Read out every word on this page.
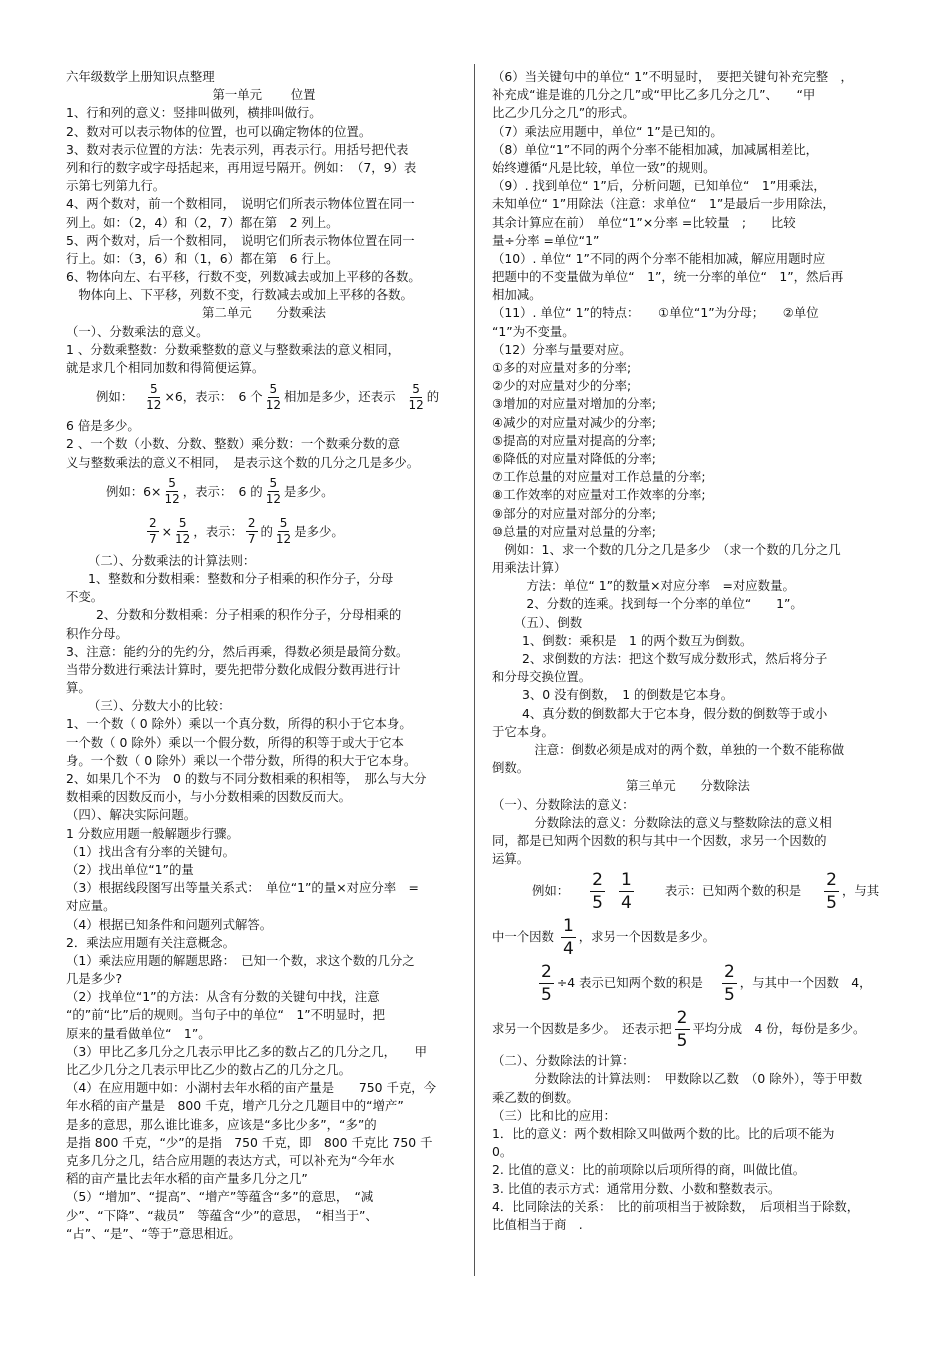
六年级数学上册知识点整理
第一单元 　　位置
1、行和列的意义：竖排叫做列，横排叫做行。
2、数对可以表示物体的位置，也可以确定物体的位置。
3、数对表示位置的方法：先表示列，再表示行。用括号把代表
列和行的数字或字母括起来，再用逗号隔开。例如：　（7，9）表
示第七列第九行。
4、两个数对，前一个数相同，　说明它们所表示物体位置在同一
列上。如：（2，4）和（2，7）都在第　2 列上。
5、两个数对，后一个数相同，　说明它们所表示物体位置在同一
行上。如：（3，6）和（1，6）都在第　6 行上。
6、物体向左、右平移，行数不变，列数减去或加上平移的各数。
　物体向上、下平移，列数不变，行数减去或加上平移的各数。
第二单元　　分数乘法
（一）、分数乘法的意义。
1 、分数乘整数：分数乘整数的意义与整数乘法的意义相同，
就是求几个相同加数和得简便运算。
例如： $\frac{5}{12} \times 6$，表示：　6 个 $\frac{5}{12}$ 相加是多少，还表示 $\frac{5}{12}$ 的
6 倍是多少。
2 、一个数（小数、分数、整数）乘分数：一个数乘分数的意
义与整数乘法的意义不相同，　是表示这个数的几分之几是多少。
例如：$6\times \frac{5}{12}$ ，表示：　6 的 $\frac{5}{12}$ 是多少。
$\frac{2}{7} \times \frac{5}{12}$ ，表示： $\frac{2}{7}$ 的 $\frac{5}{12}$ 是多少。
（二）、分数乘法的计算法则：
1、整数和分数相乘：整数和分子相乘的积作分子，分母
不变。
2、分数和分数相乘：分子相乘的积作分子，分母相乘的
积作分母。
3、注意：能约分的先约分，然后再乘，得数必须是最简分数。
当带分数进行乘法计算时，要先把带分数化成假分数再进行计
算。
（三）、分数大小的比较：
1、一个数（ 0 除外）乘以一个真分数，所得的积小于它本身。
一个数（ 0 除外）乘以一个假分数，所得的积等于或大于它本
身。一个数（ 0 除外）乘以一个带分数，所得的积大于它本身。
2、如果几个不为　0 的数与不同分数相乘的积相等，　那么与大分
数相乘的因数反而小，与小分数相乘的因数反而大。
（四）、解决实际问题。
1 分数应用题一般解题步行骤。
（1）找出含有分率的关键句。
（2）找出单位“1”的量
（3）根据线段图写出等量关系式：　单位“1”的量×对应分率　=
对应量。
（4）根据已知条件和问题列式解答。
2．乘法应用题有关注意概念。
（1）乘法应用题的解题思路：　已知一个数，求这个数的几分之
几是多少?
（2）找单位“1”的方法：从含有分数的关键句中找，注意
“的”前“比”后的规则。当句子中的单位“　1”不明显时，把
原来的量看做单位“　1”。
（3）甲比乙多几分之几表示甲比乙多的数占乙的几分之几，　　甲
比乙少几分之几表示甲比乙少的数占乙的几分之几。
（4）在应用题中如：小湖村去年水稻的亩产量是　　750 千克，今
年水稻的亩产量是　800 千克，增产几分之几题目中的“增产”
是多的意思，那么谁比谁多，应该是“多比少多”，“多”的
是指 800 千克，“少”的是指　750 千克，即　800 千克比 750 千
克多几分之几，结合应用题的表达方式，可以补充为“今年水
稻的亩产量比去年水稻的亩产量多几分之几”
（5）“增加”、“提高”、“增产”等蕴含“多”的意思，　“减
少”、“下降”、“裁员”　等蕴含“少”的意思，　“相当于”、
“占”、“是”、“等于”意思相近。
（6）当关键句中的单位“ 1”不明显时，　要把关键句补充完整　，
补充成“谁是谁的几分之几”或“甲比乙多几分之几”、　　“甲
比乙少几分之几”的形式。
（7）乘法应用题中，单位“ 1”是已知的。
（8）单位“1”不同的两个分率不能相加减，加减属相差比，
始终遵循“凡是比较，单位一致”的规则。
（9）. 找到单位“ 1”后，分析问题，已知单位“　1”用乘法，
未知单位“ 1”用除法（注意：求单位“　1”是最后一步用除法，
其余计算应在前）　单位“1”×分率 =比较量　;　　比较
量÷分率 =单位“1”
（10）. 单位“ 1”不同的两个分率不能相加减，解应用题时应
把题中的不变量做为单位“　1”，统一分率的单位“　1”，然后再
相加减。
（11）. 单位“ 1”的特点：　　①单位“1”为分母；　　②单位
“1”为不变量。
（12）分率与量要对应。
①多的对应量对多的分率;
②少的对应量对少的分率;
③增加的对应量对增加的分率;
④减少的对应量对减少的分率;
⑤提高的对应量对提高的分率;
⑥降低的对应量对降低的分率;
⑦工作总量的对应量对工作总量的分率;
⑧工作效率的对应量对工作效率的分率;
⑨部分的对应量对部分的分率;
⑩总量的对应量对总量的分率;
　例如：1、求一个数的几分之几是多少　（求一个数的几分之几
用乘法计算）
　方法：单位“ 1”的数量×对应分率　=对应数量。
　2、分数的连乘。找到每一个分率的单位“　　1”。
（五）、倒数
1、倒数：乘积是　1 的两个数互为倒数。
2、求倒数的方法：把这个数写成分数形式，然后将分子
和分母交换位置。
3、0 没有倒数，　1 的倒数是它本身。
4、真分数的倒数都大于它本身，假分数的倒数等于或小
于它本身。
　注意：倒数必须是成对的两个数，单独的一个数不能称做
倒数。
第三单元　　分数除法
（一）、分数除法的意义：
　分数除法的意义：分数除法的意义与整数除法的意义相
同，都是已知两个因数的积与其中一个因数，求另一个因数的
运算。
例如： $\frac{2}{5} \frac{1}{4}$	表示：已知两个数的积是 $\frac{2}{5}$ ，与其
中一个因数 $\frac{1}{4}$ ，求另一个因数是多少。
$\frac{2}{5} \div 4$ 表示已知两个数的积是 $\frac{2}{5}$ ，与其中一个因数　4，
求另一个因数是多少。　还表示把 $\frac{2}{5}$ 平均分成　4 份，每份是多少。
（二）、分数除法的计算：
　分数除法的计算法则：　甲数除以乙数　（0 除外），等于甲数
乘乙数的倒数。
（三）比和比的应用：
1．比的意义：两个数相除又叫做两个数的比。比的后项不能为
0。
2. 比值的意义：比的前项除以后项所得的商，叫做比值。
3. 比值的表示方式：通常用分数、小数和整数表示。
4．比同除法的关系：　比的前项相当于被除数，　后项相当于除数，
比值相当于商　.
